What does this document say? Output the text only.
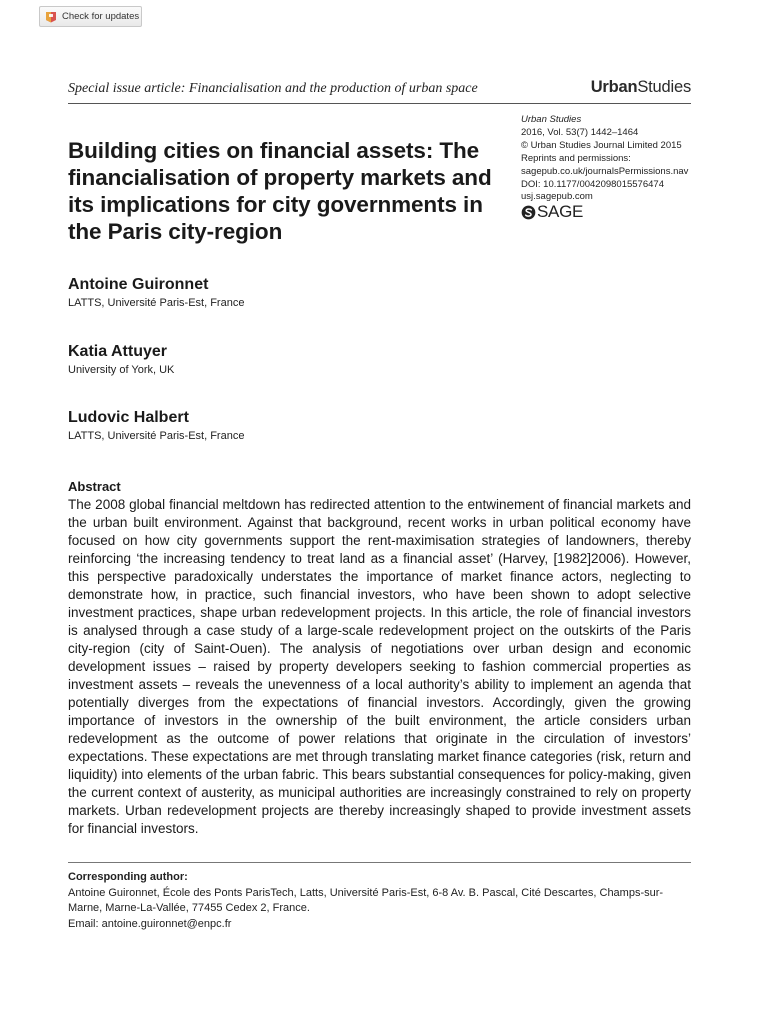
Check for updates
Special issue article: Financialisation and the production of urban space	UrbanStudies
Urban Studies
2016, Vol. 53(7) 1442–1464
© Urban Studies Journal Limited 2015
Reprints and permissions:
sagepub.co.uk/journalsPermissions.nav
DOI: 10.1177/0042098015576474
usj.sagepub.com
SAGE
Building cities on financial assets: The financialisation of property markets and its implications for city governments in the Paris city-region
Antoine Guironnet
LATTS, Université Paris-Est, France
Katia Attuyer
University of York, UK
Ludovic Halbert
LATTS, Université Paris-Est, France
Abstract

The 2008 global financial meltdown has redirected attention to the entwinement of financial markets and the urban built environment. Against that background, recent works in urban political economy have focused on how city governments support the rent-maximisation strategies of landowners, thereby reinforcing ‘the increasing tendency to treat land as a financial asset’ (Harvey, [1982]2006). However, this perspective paradoxically understates the importance of market finance actors, neglecting to demonstrate how, in practice, such financial investors, who have been shown to adopt selective investment practices, shape urban redevelopment projects. In this article, the role of financial investors is analysed through a case study of a large-scale redevelopment project on the outskirts of the Paris city-region (city of Saint-Ouen). The analysis of negotiations over urban design and economic development issues – raised by property developers seeking to fashion commercial properties as investment assets – reveals the unevenness of a local authority’s ability to implement an agenda that potentially diverges from the expectations of financial investors. Accordingly, given the growing importance of investors in the ownership of the built environment, the article considers urban redevelopment as the outcome of power relations that originate in the circulation of investors’ expectations. These expectations are met through translating market finance categories (risk, return and liquidity) into elements of the urban fabric. This bears substantial consequences for policy-making, given the current context of austerity, as municipal authorities are increasingly constrained to rely on property markets. Urban redevelopment projects are thereby increasingly shaped to provide investment assets for financial investors.

Corresponding author:
Antoine Guironnet, École des Ponts ParisTech, Latts, Université Paris-Est, 6-8 Av. B. Pascal, Cité Descartes, Champs-sur-Marne, Marne-La-Vallée, 77455 Cedex 2, France.
Email: antoine.guironnet@enpc.fr
